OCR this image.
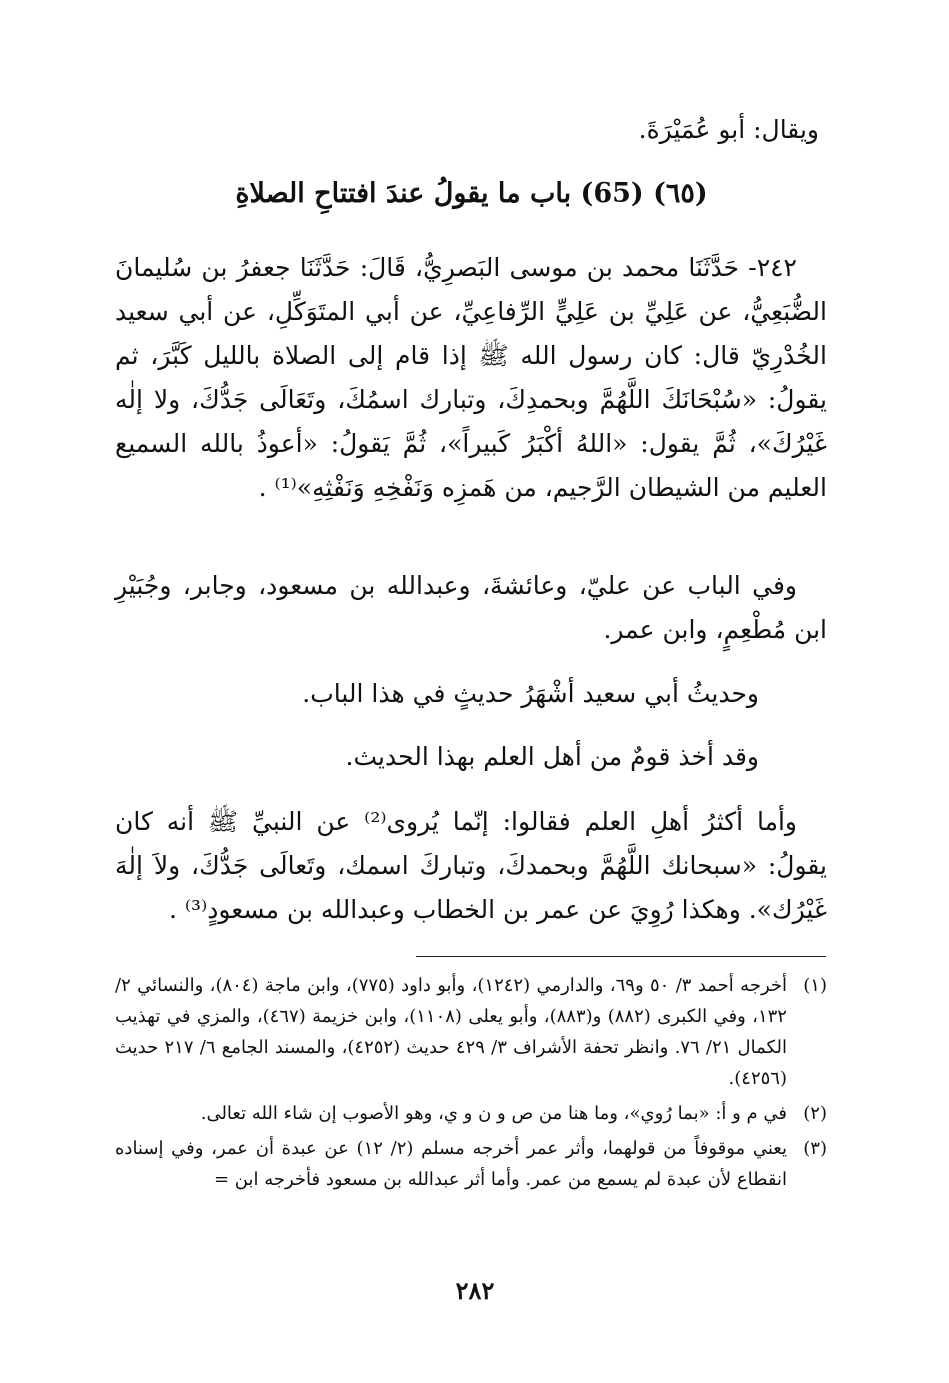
ويقال: أبو عُمَيْرَةَ.
(٦٥) (65) باب ما يقولُ عندَ افتتاحِ الصلاةِ
٢٤٢- حَدَّثَنَا محمد بن موسى البَصرِيُّ، قَالَ: حَدَّثَنَا جعفرُ بن سُليمانَ الضُّبَعِيُّ، عن عَلِيِّ بن عَلِيٍّ الرِّفاعِيِّ، عن أبي المتَوَكِّلِ، عن أبي سعيد الخُدْرِيّ قال: كان رسول الله ﷺ إذا قام إلى الصلاة بالليل كَبَّرَ، ثم يقولُ: «سُبْحَانَكَ اللَّهُمَّ وبحمدِكَ، وتبارك اسمُكَ، وتَعَالَى جَدُّكَ، ولا إلٰه غَيْرُكَ»، ثُمَّ يقول: «اللهُ أكْبَرُ كَبيراً»، ثُمَّ يَقولُ: «أعوذُ بالله السميع العليم من الشيطان الرَّجيم، من هَمزِه وَنَفْخِهِ وَنَفْثِهِ»⁽¹⁾ .
وفي الباب عن عليّ، وعائشةَ، وعبدالله بن مسعود، وجابر، وجُبَيْرِ ابن مُطْعِمٍ، وابن عمر.
وحديثُ أبي سعيد أشْهَرُ حديثٍ في هذا الباب.
وقد أخذ قومٌ من أهل العلم بهذا الحديث.
وأما أكثرُ أهلِ العلم فقالوا: إنّما يُروى⁽²⁾ عن النبيِّ ﷺ أنه كان يقولُ: «سبحانك اللَّهُمَّ وبحمدكَ، وتباركَ اسمك، وتَعالَى جَدُّكَ، ولاَ إلٰهَ غَيْرُك». وهكذا رُوِيَ عن عمر بن الخطاب وعبدالله بن مسعودٍ⁽³⁾ .
(١)
أخرجه أحمد ٣/ ٥٠ و٦٩، والدارمي (١٢٤٢)، وأبو داود (٧٧٥)، وابن ماجة (٨٠٤)، والنسائي ٢/ ١٣٢، وفي الكبرى (٨٨٢) و(٨٨٣)، وأبو يعلى (١١٠٨)، وابن خزيمة (٤٦٧)، والمزي في تهذيب الكمال ٢١/ ٧٦. وانظر تحفة الأشراف ٣/ ٤٢٩ حديث (٤٢٥٢)، والمسند الجامع ٦/ ٢١٧ حديث (٤٢٥٦).
(٢)
في م و أ: «بما رُوي»، وما هنا من ص و ن و ي، وهو الأصوب إن شاء الله تعالى.
(٣)
يعني موقوفاً من قولهما، وأثر عمر أخرجه مسلم (٢/ ١٢) عن عبدة أن عمر، وفي إسناده انقطاع لأن عبدة لم يسمع من عمر. وأما أثر عبدالله بن مسعود فأخرجه ابن =
٢٨٢
